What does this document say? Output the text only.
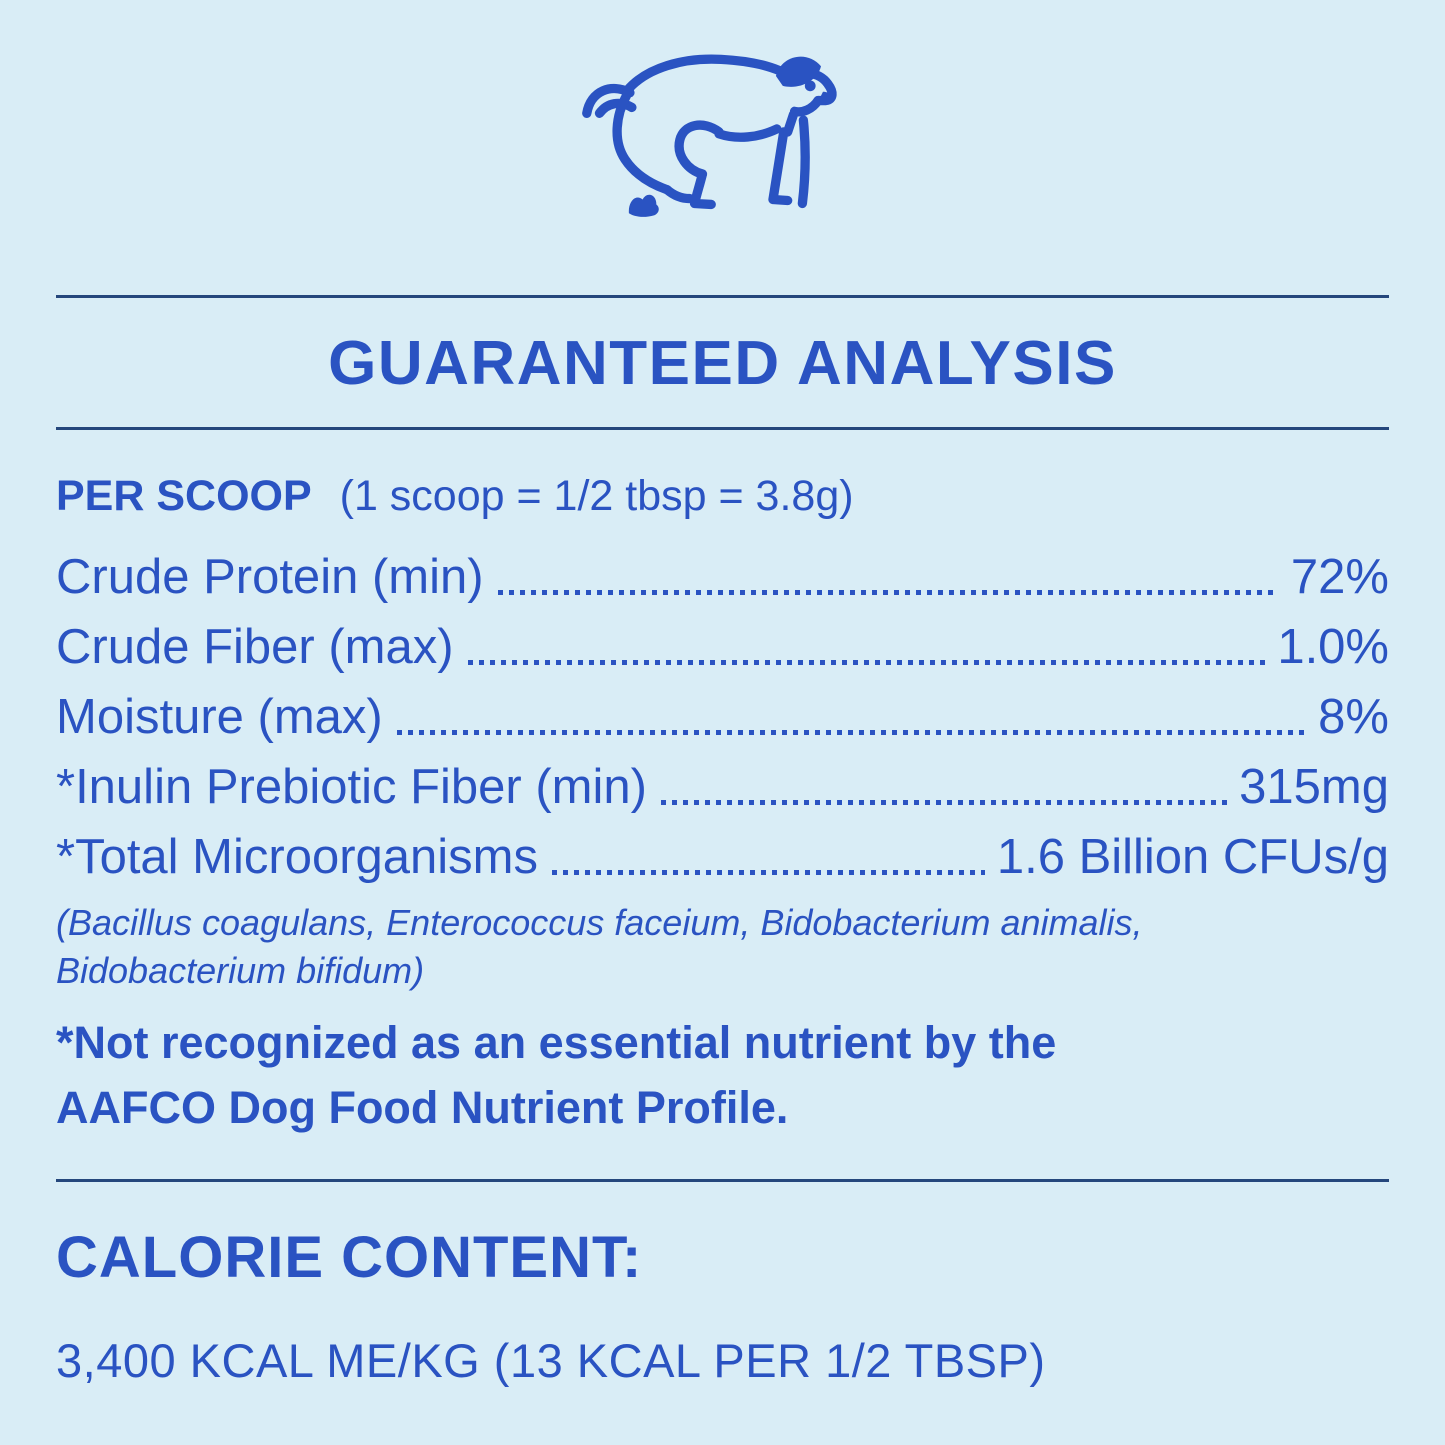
GUARANTEED ANALYSIS
PER SCOOP (1 scoop = 1/2 tbsp = 3.8g)
Crude Protein (min)	72%
Crude Fiber (max)	1.0%
Moisture (max)	8%
*Inulin Prebiotic Fiber (min)	315mg
*Total Microorganisms	1.6 Billion CFUs/g
(Bacillus coagulans, Enterococcus faceium, Bidobacterium animalis,
Bidobacterium bifidum)
*Not recognized as an essential nutrient by the
AAFCO Dog Food Nutrient Profile.
CALORIE CONTENT:
3,400 KCAL ME/KG (13 KCAL PER 1/2 TBSP)
